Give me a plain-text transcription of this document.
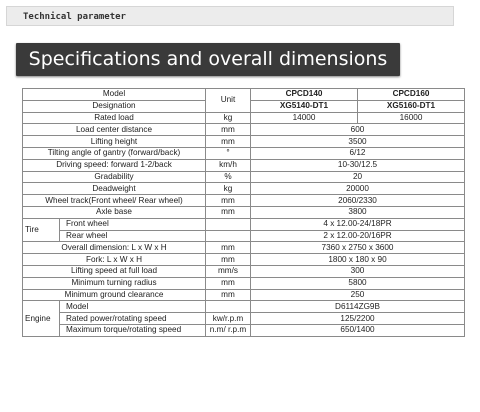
Technical parameter
Specifications and overall dimensions
Model		Unit	CPCD140	CPCD160
Designation			XG5140-DT1	XG5160-DT1
Rated load		kg	14000	16000
Load center distance		mm	600	
Lifting height		mm	3500	
Tilting angle of gantry (forward/back)		°	6/12	
Driving speed: forward 1-2/back		km/h	10-30/12.5	
Gradability		%	20	
Deadweight		kg	20000	
Wheel track(Front wheel/ Rear wheel)		mm	2060/2330	
Axle base		mm	3800	
Tire	Front wheel		4 x 12.00-24/18PR	
	Rear wheel		2 x 12.00-20/16PR	
Overall dimension: L x W x H		mm	7360 x 2750 x 3600	
Fork: L x W x H		mm	1800 x 180 x 90	
Lifting speed at full load		mm/s	300	
Minimum turning radius		mm	5800	
Minimum ground clearance		mm	250	
Engine	Model		D6114ZG9B	
	Rated power/rotating speed	kw/r.p.m	125/2200	
	Maximum torque/rotating speed	n.m/ r.p.m	650/1400	
